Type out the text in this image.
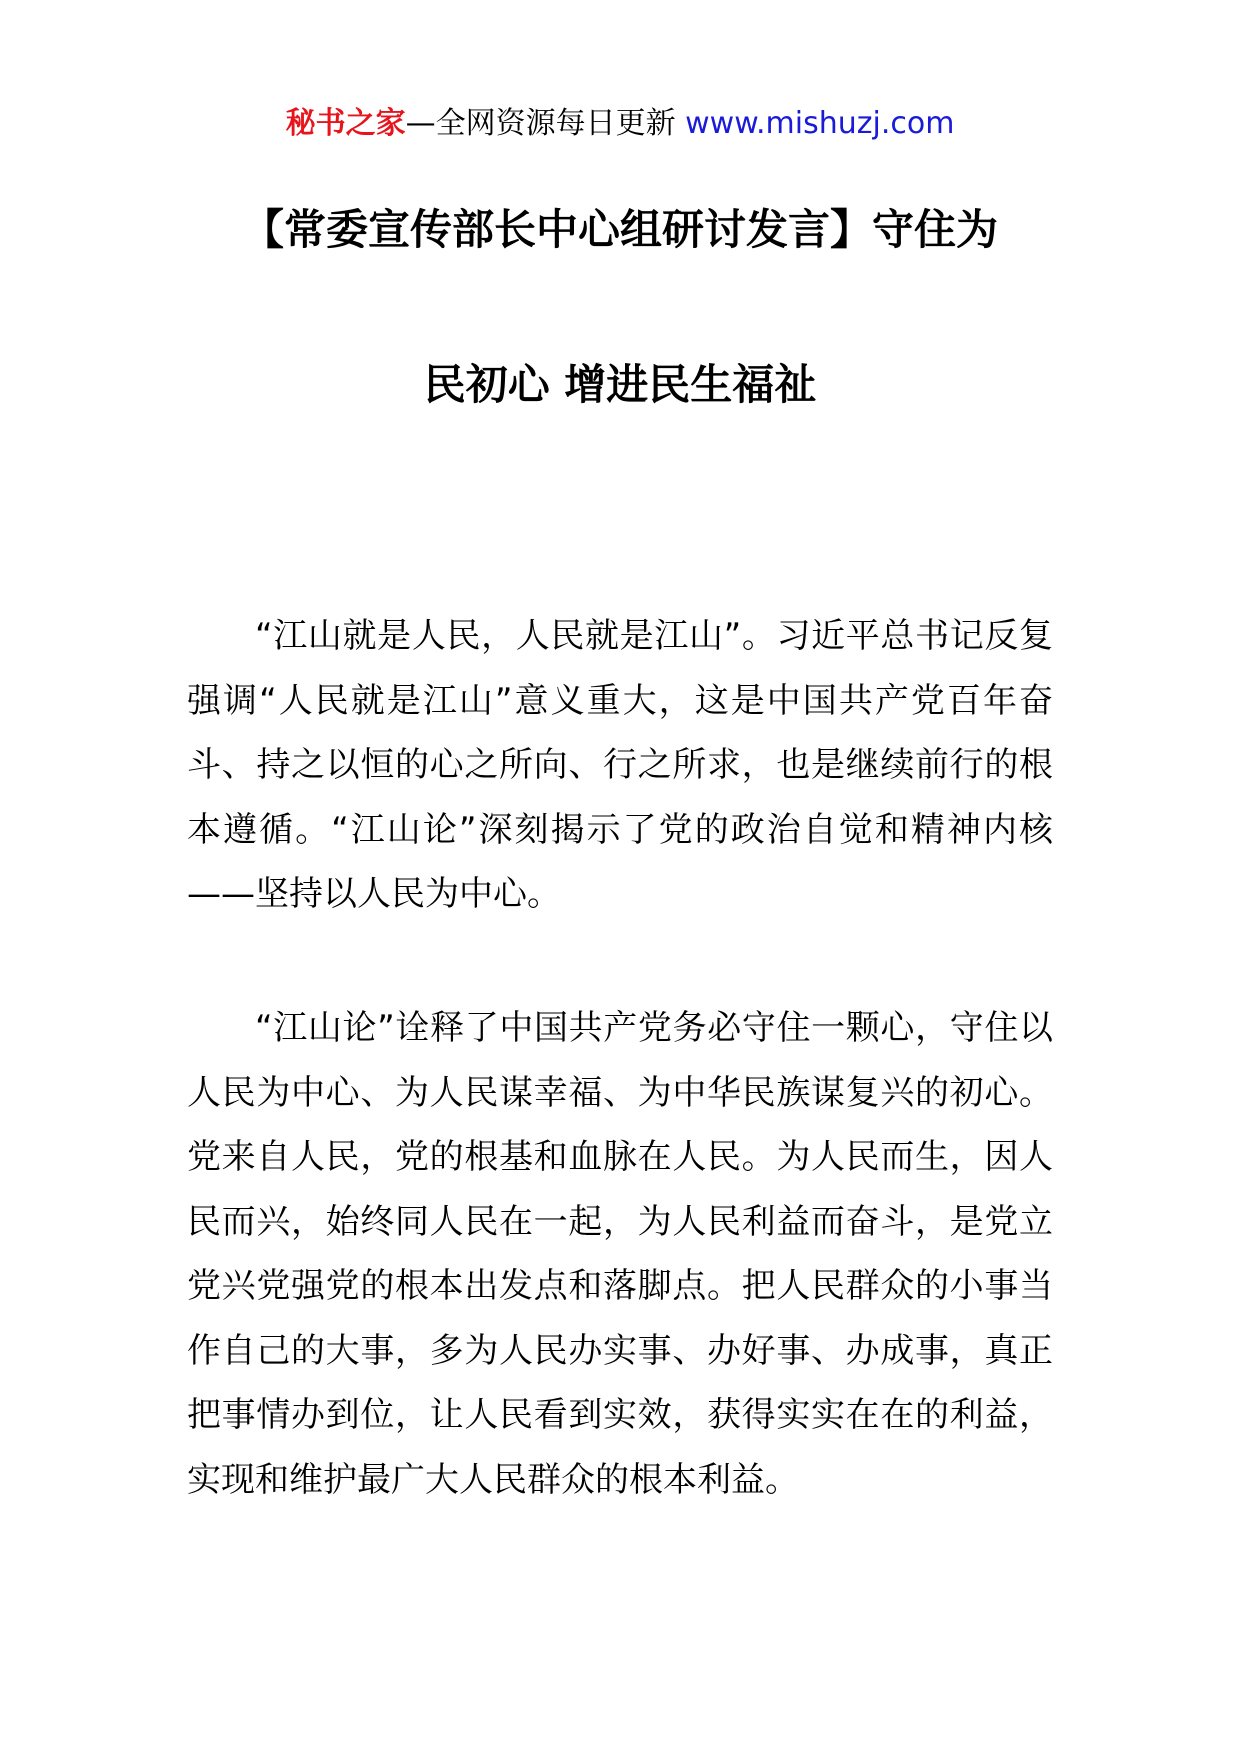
秘书之家—全网资源每日更新 www.mishuzj.com
【常委宣传部长中心组研讨发言】守住为
民初心 增进民生福祉

“江山就是人民，人民就是江山”。习近平总书记反复强调“人民就是江山”意义重大，这是中国共产党百年奋斗、持之以恒的心之所向、行之所求，也是继续前行的根本遵循。“江山论”深刻揭示了党的政治自觉和精神内核——坚持以人民为中心。

“江山论”诠释了中国共产党务必守住一颗心，守住以人民为中心、为人民谋幸福、为中华民族谋复兴的初心。党来自人民，党的根基和血脉在人民。为人民而生，因人民而兴，始终同人民在一起，为人民利益而奋斗，是党立党兴党强党的根本出发点和落脚点。把人民群众的小事当作自己的大事，多为人民办实事、办好事、办成事，真正把事情办到位，让人民看到实效，获得实实在在的利益，实现和维护最广大人民群众的根本利益。
